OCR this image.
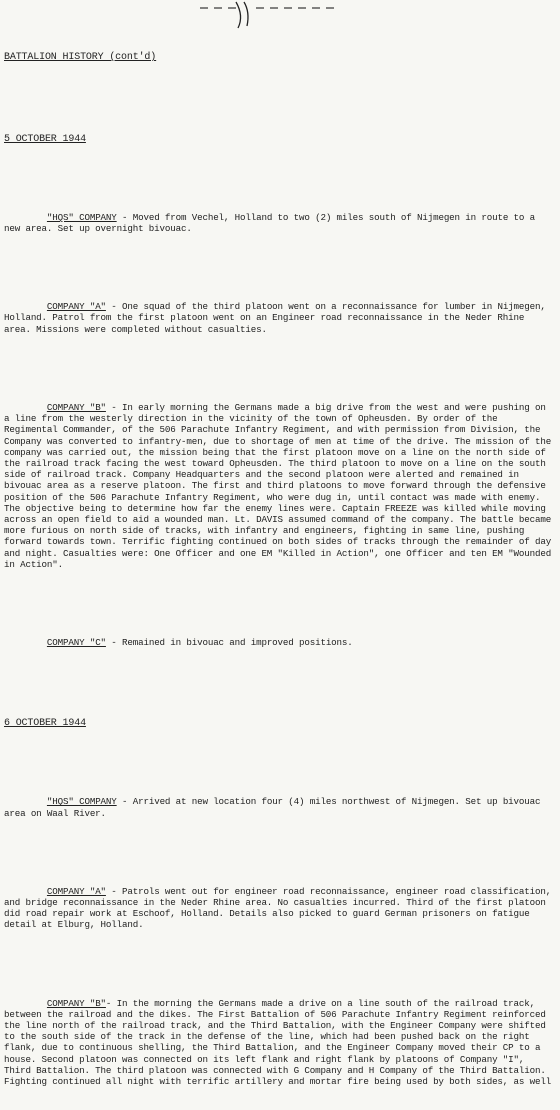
BATTALION HISTORY (cont'd)

5 OCTOBER 1944

"HQS" COMPANY - Moved from Vechel, Holland to two (2) miles south of Nijmegen in route to a new area. Set up overnight bivouac.

COMPANY "A" - One squad of the third platoon went on a reconnaissance for lumber in Nijmegen, Holland. Patrol from the first platoon went on an Engineer road reconnaissance in the Neder Rhine area. Missions were completed without casualties.

COMPANY "B" - In early morning the Germans made a big drive from the west and were pushing on a line from the westerly direction in the vicinity of the town of Opheusden. By order of the Regimental Commander, of the 506 Parachute Infantry Regiment, and with permission from Division, the Company was converted to infantry-men, due to shortage of men at time of the drive. The mission of the company was carried out, the mission being that the first platoon move on a line on the north side of the railroad track facing the west toward Opheusden. The third platoon to move on a line on the south side of railroad track. Company Headquarters and the second platoon were alerted and remained in bivouac area as a reserve platoon. The first and third platoons to move forward through the defensive position of the 506 Parachute Infantry Regiment, who were dug in, until contact was made with enemy. The objective being to determine how far the enemy lines were. Captain FREEZE was killed while moving across an open field to aid a wounded man. Lt. DAVIS assumed command of the company. The battle became more furious on north side of tracks, with infantry and engineers, fighting in same line, pushing forward towards town. Terrific fighting continued on both sides of tracks through the remainder of day and night. Casualties were: One Officer and one EM "Killed in Action", one Officer and ten EM "Wounded in Action".

COMPANY "C" - Remained in bivouac and improved positions.

6 OCTOBER 1944

"HQS" COMPANY - Arrived at new location four (4) miles northwest of Nijmegen. Set up bivouac area on Waal River.

COMPANY "A" - Patrols went out for engineer road reconnaissance, engineer road classification, and bridge reconnaissance in the Neder Rhine area. No casualties incurred. Third of the first platoon did road repair work at Eschoof, Holland. Details also picked to guard German prisoners on fatigue detail at Elburg, Holland.

COMPANY "B"- In the morning the Germans made a drive on a line south of the railroad track, between the railroad and the dikes. The First Battalion of 506 Parachute Infantry Regiment reinforced the line north of the railroad track, and the Third Battalion, with the Engineer Company were shifted to the south side of the track in the defense of the line, which had been pushed back on the right flank, due to continuous shelling, the Third Battalion, and the Engineer Company moved their CP to a house. Second platoon was connected on its left flank and right flank by platoons of Company "I", Third Battalion. The third platoon was connected with G Company and H Company of the Third Battalion. Fighting continued all night with terrific artillery and mortar fire being used by both sides, as well
